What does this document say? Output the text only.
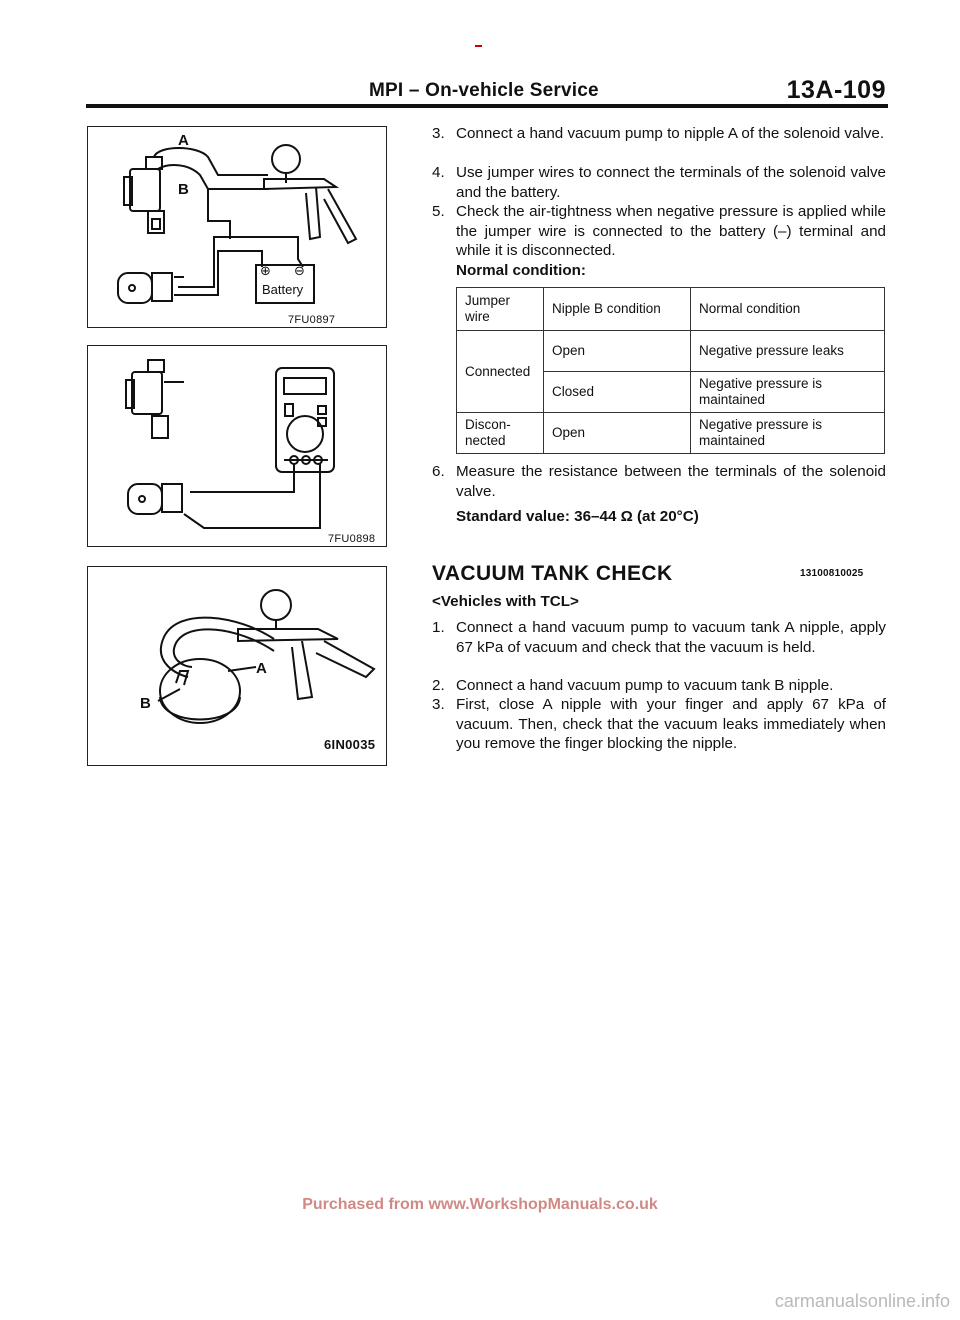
MPI – On-vehicle Service	13A-109
A
B
⊕ ⊖
Battery
7FU0897
7FU0898
A
B
6IN0035
3. Connect a hand vacuum pump to nipple A of the solenoid valve.
4. Use jumper wires to connect the terminals of the solenoid valve and the battery.
5. Check the air-tightness when negative pressure is applied while the jumper wire is connected to the battery (–) terminal and while it is disconnected.
Normal condition:
Jumper wire	Nipple B condition	Normal condition
Connected	Open	Negative pressure leaks
	Closed	Negative pressure is maintained
Discon- nected	Open	Negative pressure is maintained
6. Measure the resistance between the terminals of the solenoid valve.
Standard value: 36–44 Ω (at 20°C)
VACUUM TANK CHECK	13100810025
<Vehicles with TCL>
1. Connect a hand vacuum pump to vacuum tank A nipple, apply 67 kPa of vacuum and check that the vacuum is held.
2. Connect a hand vacuum pump to vacuum tank B nipple.
3. First, close A nipple with your finger and apply 67 kPa of vacuum. Then, check that the vacuum leaks immediately when you remove the finger blocking the nipple.
Purchased from www.WorkshopManuals.co.uk
carmanualsonline.info
